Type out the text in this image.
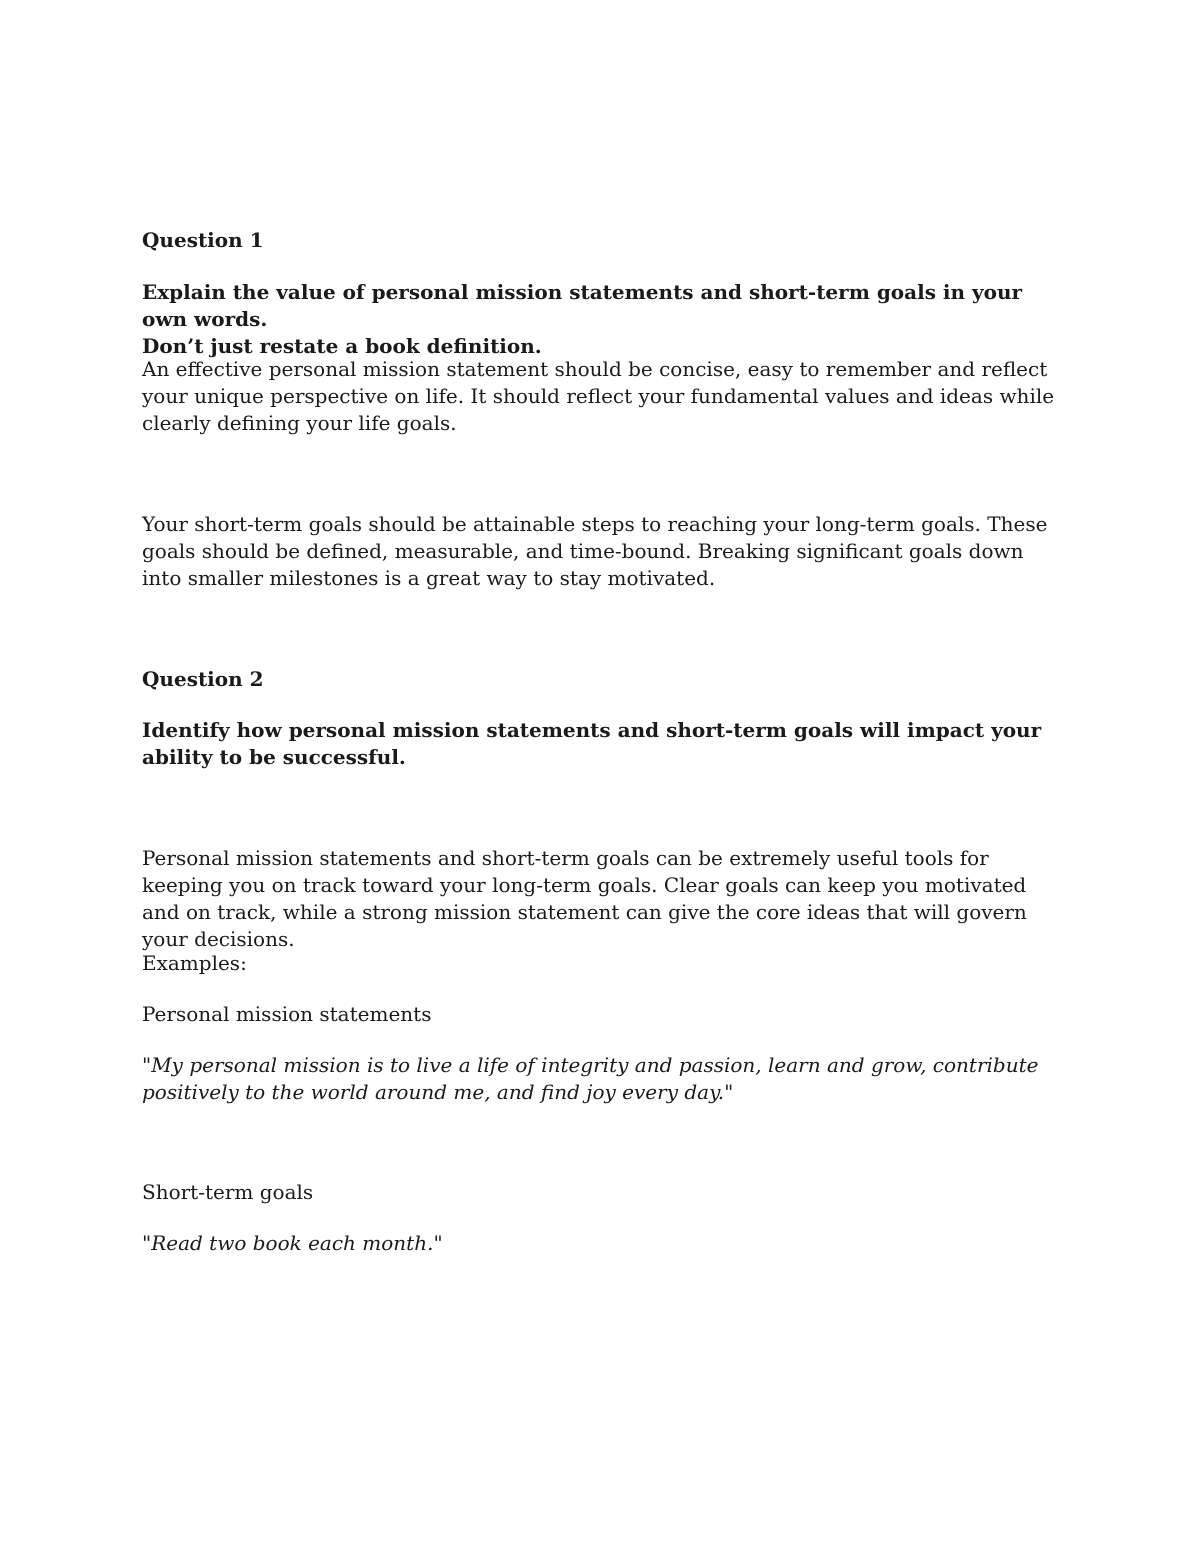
Question 1

Explain the value of personal mission statements and short-term goals in your own words.
Don’t just restate a book definition.

An effective personal mission statement should be concise, easy to remember and reflect your unique perspective on life. It should reflect your fundamental values and ideas while clearly defining your life goals.

Your short-term goals should be attainable steps to reaching your long-term goals. These goals should be defined, measurable, and time-bound. Breaking significant goals down into smaller milestones is a great way to stay motivated.

Question 2

Identify how personal mission statements and short-term goals will impact your ability to be successful.

Personal mission statements and short-term goals can be extremely useful tools for keeping you on track toward your long-term goals. Clear goals can keep you motivated and on track, while a strong mission statement can give the core ideas that will govern your decisions.

Examples:

Personal mission statements

"My personal mission is to live a life of integrity and passion, learn and grow, contribute positively to the world around me, and find joy every day."

Short-term goals

"Read two book each month."
